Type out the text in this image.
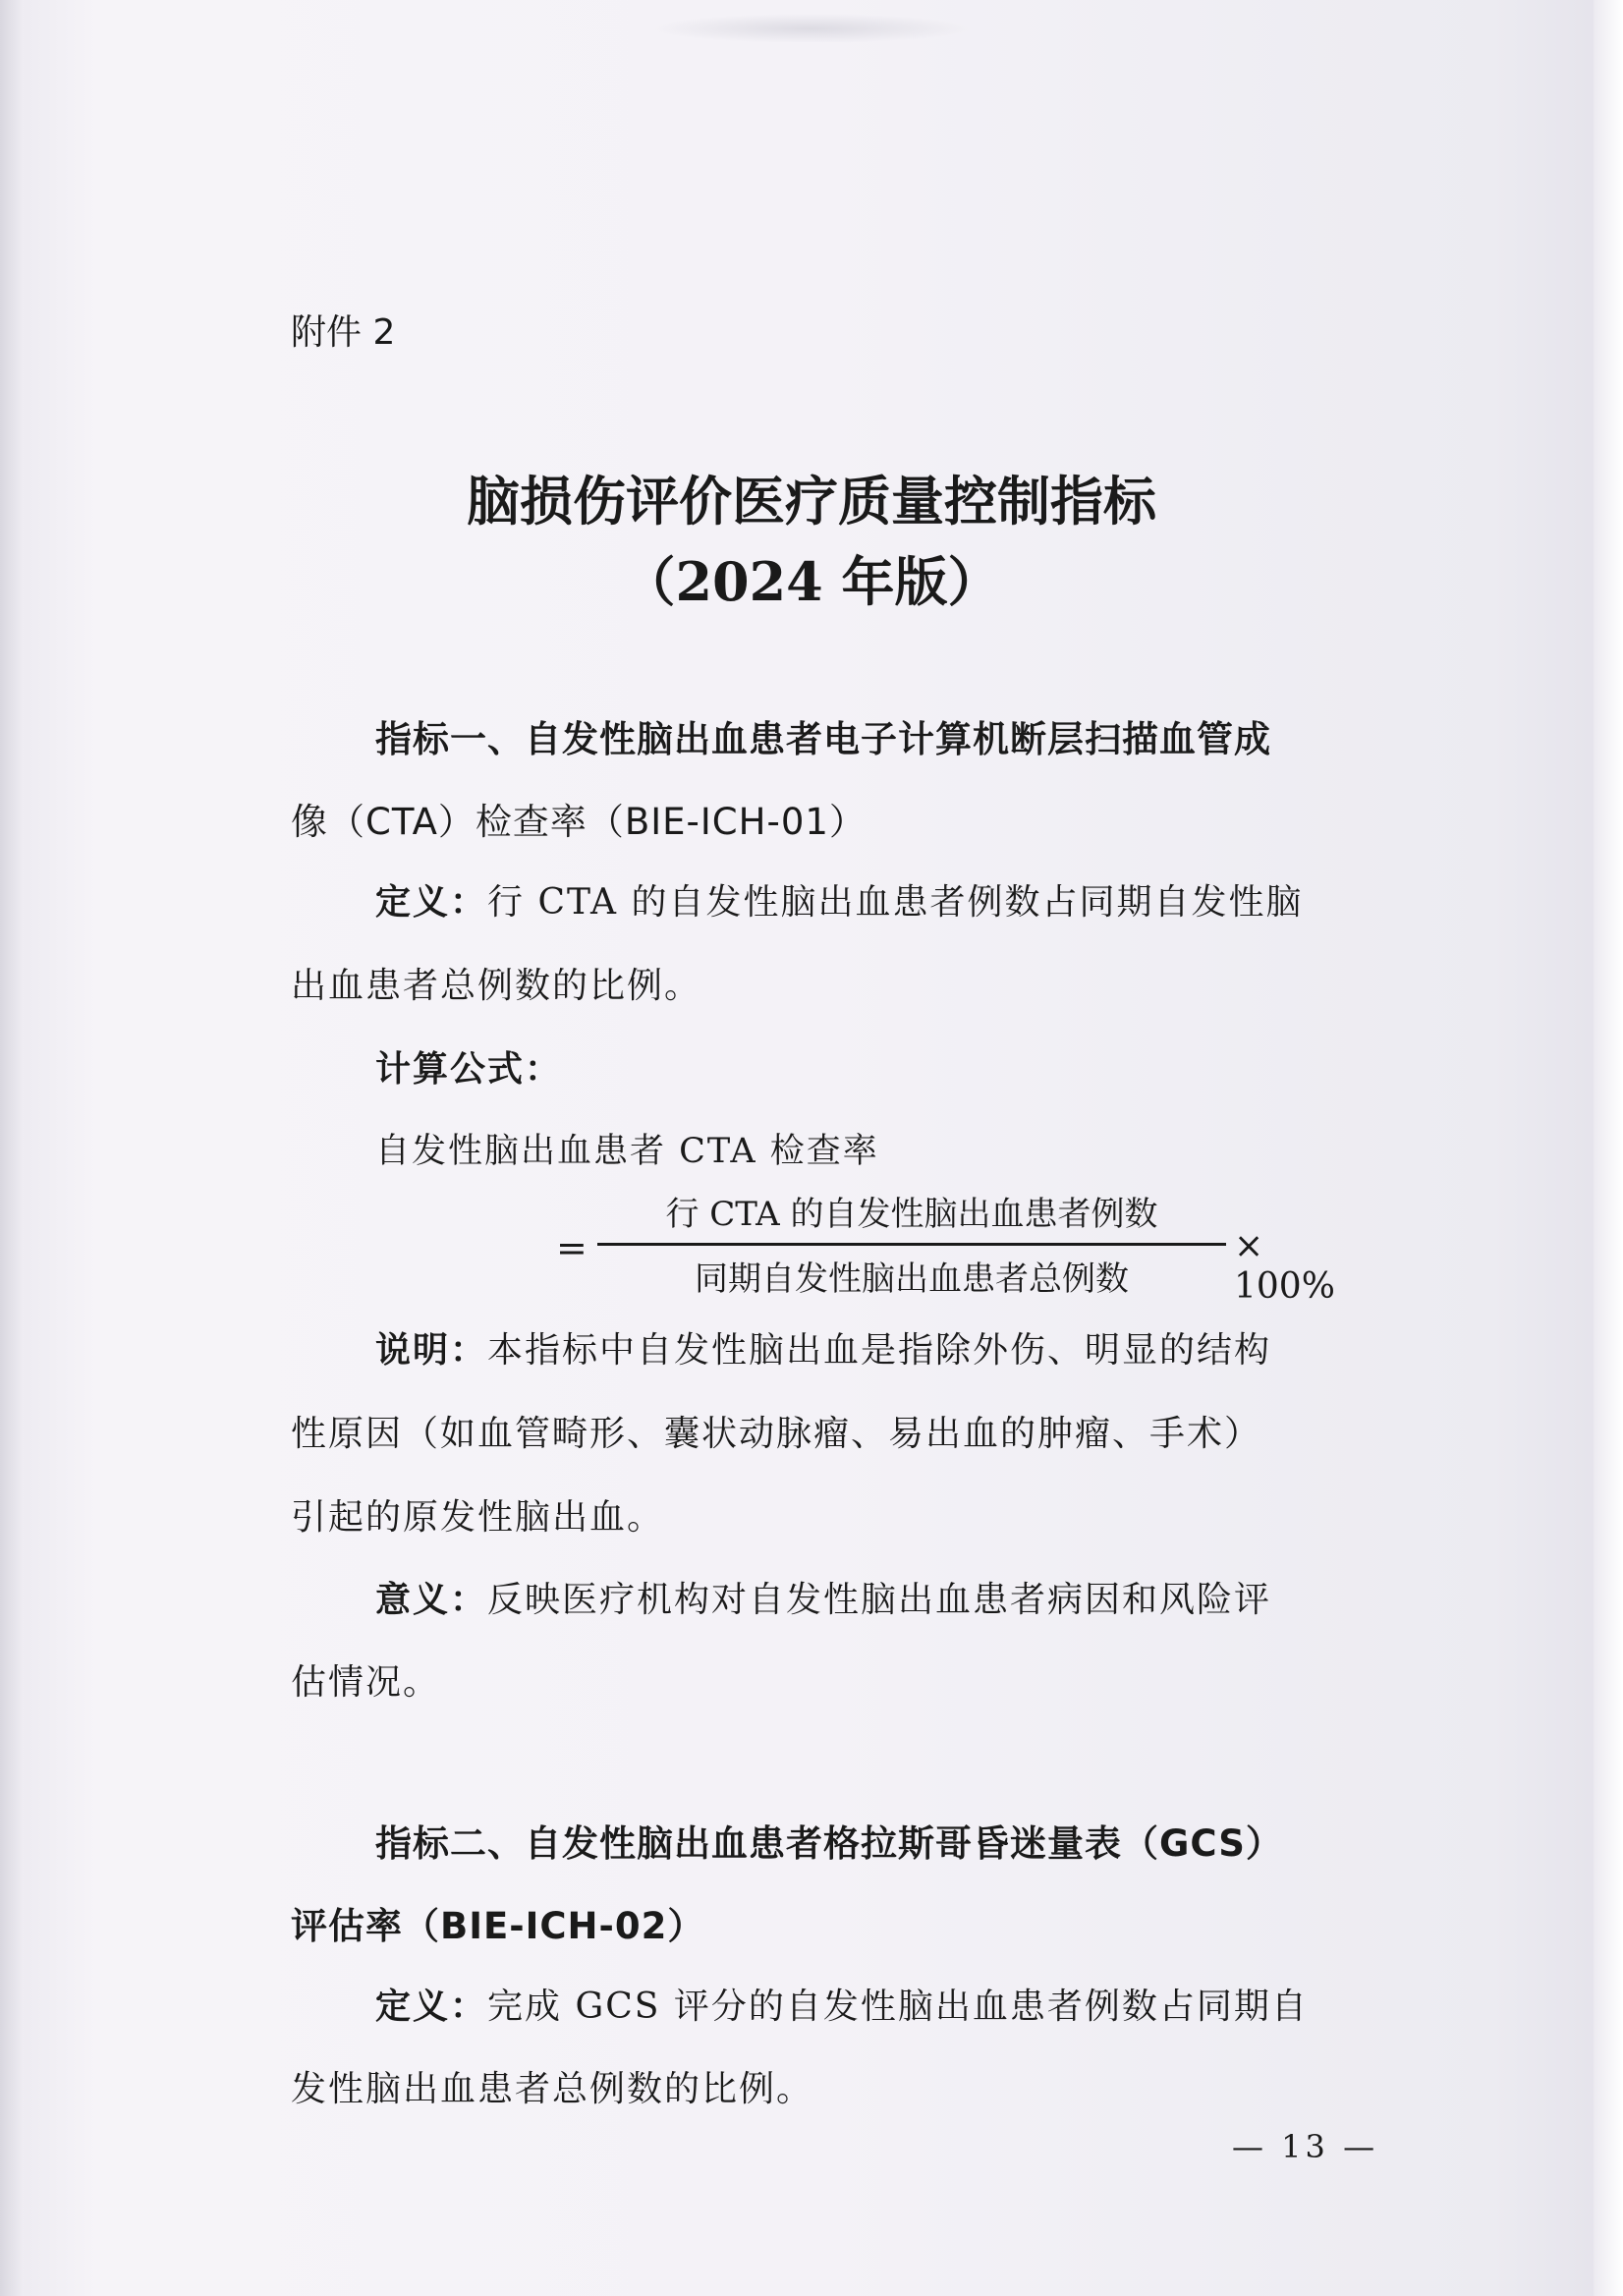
附件 2
脑损伤评价医疗质量控制指标
（2024 年版）
指标一、自发性脑出血患者电子计算机断层扫描血管成
像（CTA）检查率（BIE-ICH-01）
定义：行 CTA 的自发性脑出血患者例数占同期自发性脑
出血患者总例数的比例。
计算公式：
自发性脑出血患者 CTA 检查率
=
行 CTA 的自发性脑出血患者例数
同期自发性脑出血患者总例数
× 100%
说明：本指标中自发性脑出血是指除外伤、明显的结构
性原因（如血管畸形、囊状动脉瘤、易出血的肿瘤、手术）
引起的原发性脑出血。
意义：反映医疗机构对自发性脑出血患者病因和风险评
估情况。
指标二、自发性脑出血患者格拉斯哥昏迷量表（GCS）
评估率（BIE-ICH-02）
定义：完成 GCS 评分的自发性脑出血患者例数占同期自
发性脑出血患者总例数的比例。
— 13 —
